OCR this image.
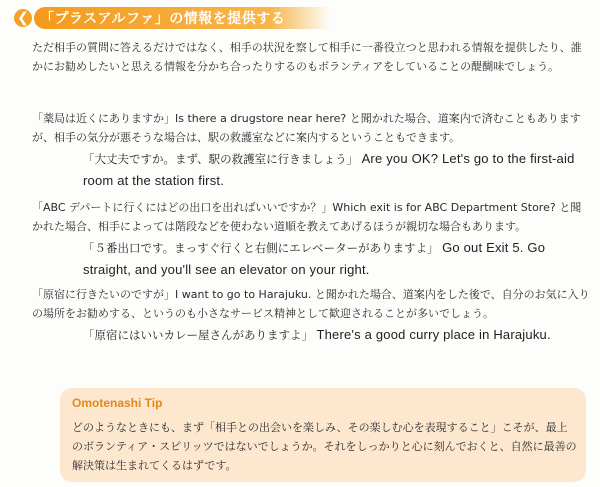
❮ 「プラスアルファ」の情報を提供する
ただ相手の質問に答えるだけではなく、相手の状況を察して相手に一番役立つと思われる情報を提供したり、誰かにお勧めしたいと思える情報を分かち合ったりするのもボランティアをしていることの醍醐味でしょう。
「薬局は近くにありますか」Is there a drugstore near here? と聞かれた場合、道案内で済むこともありますが、相手の気分が悪そうな場合は、駅の救護室などに案内するということもできます。
「大丈夫ですか。まず、駅の救護室に行きましょう」 Are you OK? Let's go to the first-aid room at the station first.
「ABC デパートに行くにはどの出口を出ればいいですか？」Which exit is for ABC Department Store? と聞かれた場合、相手によっては階段などを使わない道順を教えてあげるほうが親切な場合もあります。
「５番出口です。まっすぐ行くと右側にエレベーターがありますよ」 Go out Exit 5. Go straight, and you'll see an elevator on your right.
「原宿に行きたいのですが」I want to go to Harajuku. と聞かれた場合、道案内をした後で、自分のお気に入りの場所をお勧めする、というのも小さなサービス精神として歓迎されることが多いでしょう。
「原宿にはいいカレー屋さんがありますよ」 There's a good curry place in Harajuku.
Omotenashi Tip
どのようなときにも、まず「相手との出会いを楽しみ、その楽しむ心を表現すること」こそが、最上のボランティア・スピリッツではないでしょうか。それをしっかりと心に刻んでおくと、自然に最善の解決策は生まれてくるはずです。
